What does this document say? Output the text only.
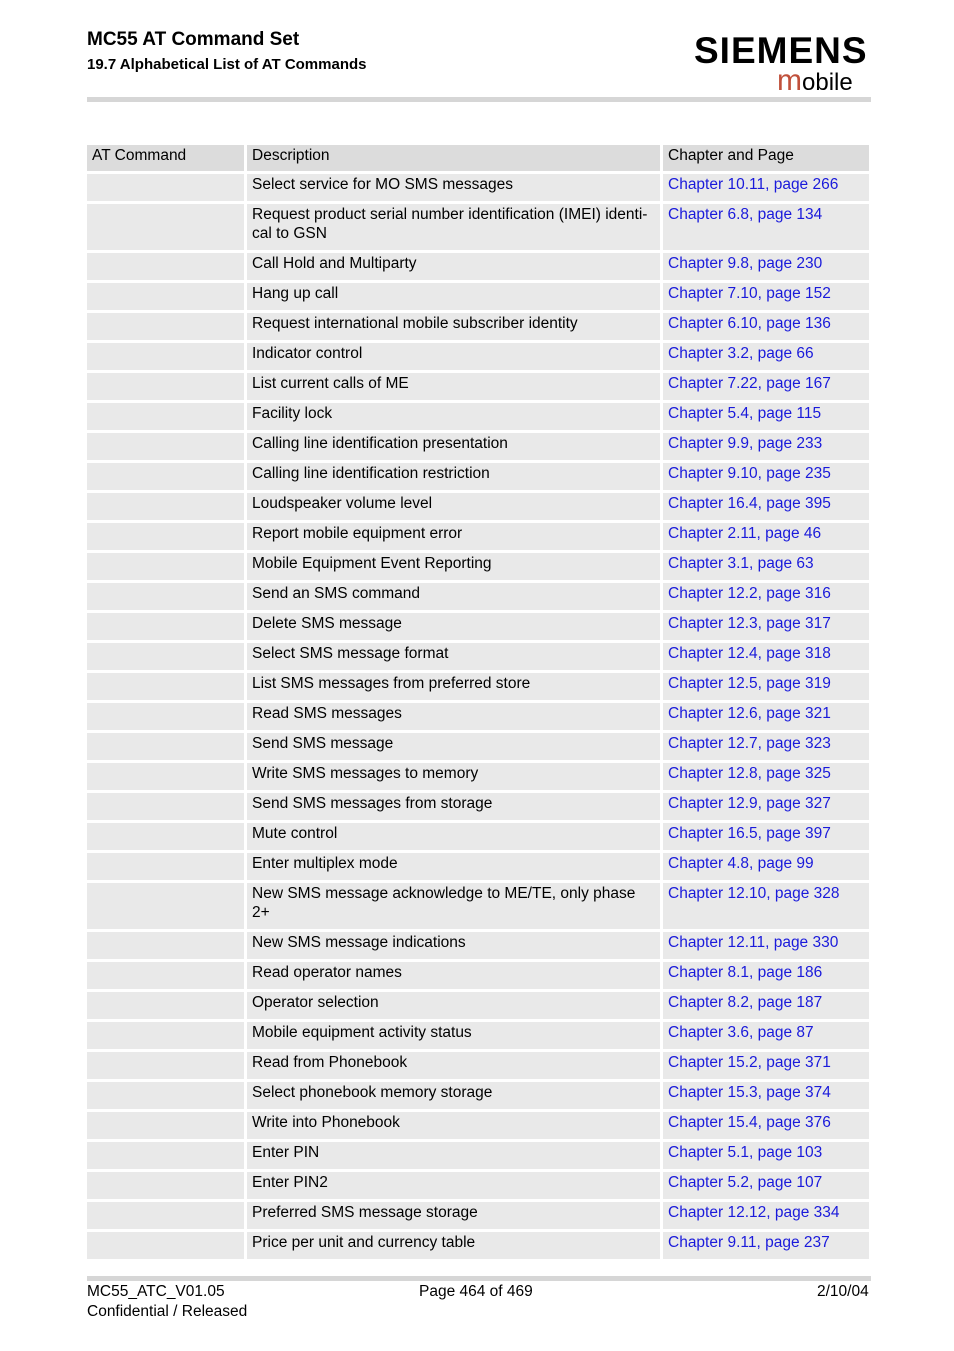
MC55 AT Command Set
19.7 Alphabetical List of AT Commands	SIEMENS
mobile
AT Command	Description	Chapter and Page
	Select service for MO SMS messages	Chapter 10.11, page 266
	Request product serial number identification (IMEI) identi-cal to GSN	Chapter 6.8, page 134
	Call Hold and Multiparty	Chapter 9.8, page 230
	Hang up call	Chapter 7.10, page 152
	Request international mobile subscriber identity	Chapter 6.10, page 136
	Indicator control	Chapter 3.2, page 66
	List current calls of ME	Chapter 7.22, page 167
	Facility lock	Chapter 5.4, page 115
	Calling line identification presentation	Chapter 9.9, page 233
	Calling line identification restriction	Chapter 9.10, page 235
	Loudspeaker volume level	Chapter 16.4, page 395
	Report mobile equipment error	Chapter 2.11, page 46
	Mobile Equipment Event Reporting	Chapter 3.1, page 63
	Send an SMS command	Chapter 12.2, page 316
	Delete SMS message	Chapter 12.3, page 317
	Select SMS message format	Chapter 12.4, page 318
	List SMS messages from preferred store	Chapter 12.5, page 319
	Read SMS messages	Chapter 12.6, page 321
	Send SMS message	Chapter 12.7, page 323
	Write SMS messages to memory	Chapter 12.8, page 325
	Send SMS messages from storage	Chapter 12.9, page 327
	Mute control	Chapter 16.5, page 397
	Enter multiplex mode	Chapter 4.8, page 99
	New SMS message acknowledge to ME/TE, only phase 2+	Chapter 12.10, page 328
	New SMS message indications	Chapter 12.11, page 330
	Read operator names	Chapter 8.1, page 186
	Operator selection	Chapter 8.2, page 187
	Mobile equipment activity status	Chapter 3.6, page 87
	Read from Phonebook	Chapter 15.2, page 371
	Select phonebook memory storage	Chapter 15.3, page 374
	Write into Phonebook	Chapter 15.4, page 376
	Enter PIN	Chapter 5.1, page 103
	Enter PIN2	Chapter 5.2, page 107
	Preferred SMS message storage	Chapter 12.12, page 334
	Price per unit and currency table	Chapter 9.11, page 237
MC55_ATC_V01.05
Confidential / Released
Page 464 of 469	2/10/04
